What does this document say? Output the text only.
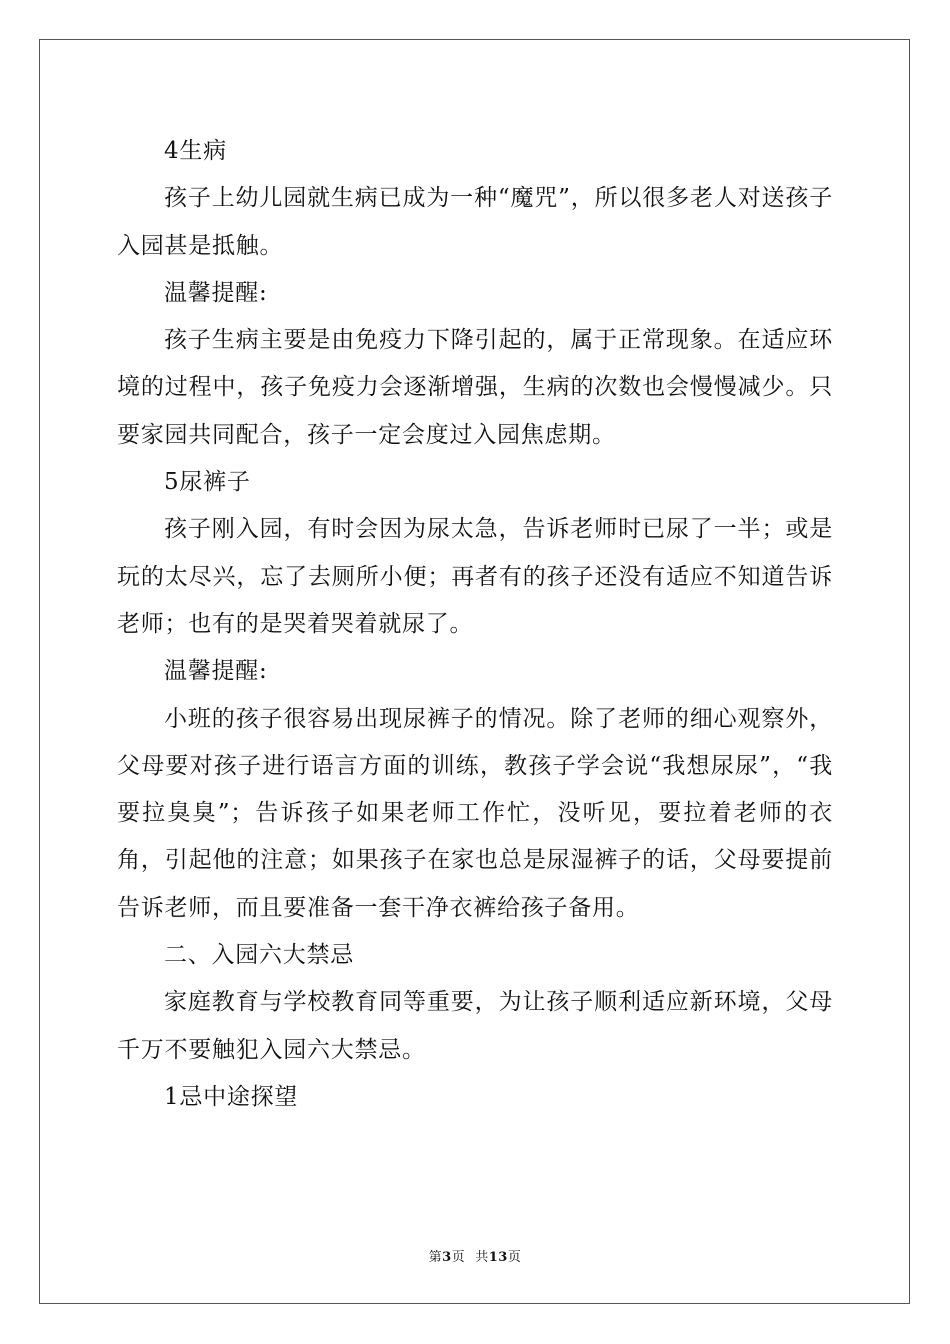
4生病

孩子上幼儿园就生病已成为一种“魔咒”，所以很多老人对送孩子入园甚是抵触。

温馨提醒:

孩子生病主要是由免疫力下降引起的，属于正常现象。在适应环境的过程中，孩子免疫力会逐渐增强，生病的次数也会慢慢减少。只要家园共同配合，孩子一定会度过入园焦虑期。

5尿裤子

孩子刚入园，有时会因为尿太急，告诉老师时已尿了一半；或是玩的太尽兴，忘了去厕所小便；再者有的孩子还没有适应不知道告诉老师；也有的是哭着哭着就尿了。

温馨提醒:

小班的孩子很容易出现尿裤子的情况。除了老师的细心观察外，父母要对孩子进行语言方面的训练，教孩子学会说“我想尿尿”，“我要拉臭臭”；告诉孩子如果老师工作忙，没听见，要拉着老师的衣角，引起他的注意；如果孩子在家也总是尿湿裤子的话，父母要提前告诉老师，而且要准备一套干净衣裤给孩子备用。

二、入园六大禁忌

家庭教育与学校教育同等重要，为让孩子顺利适应新环境，父母千万不要触犯入园六大禁忌。

1忌中途探望

第3页 共13页
